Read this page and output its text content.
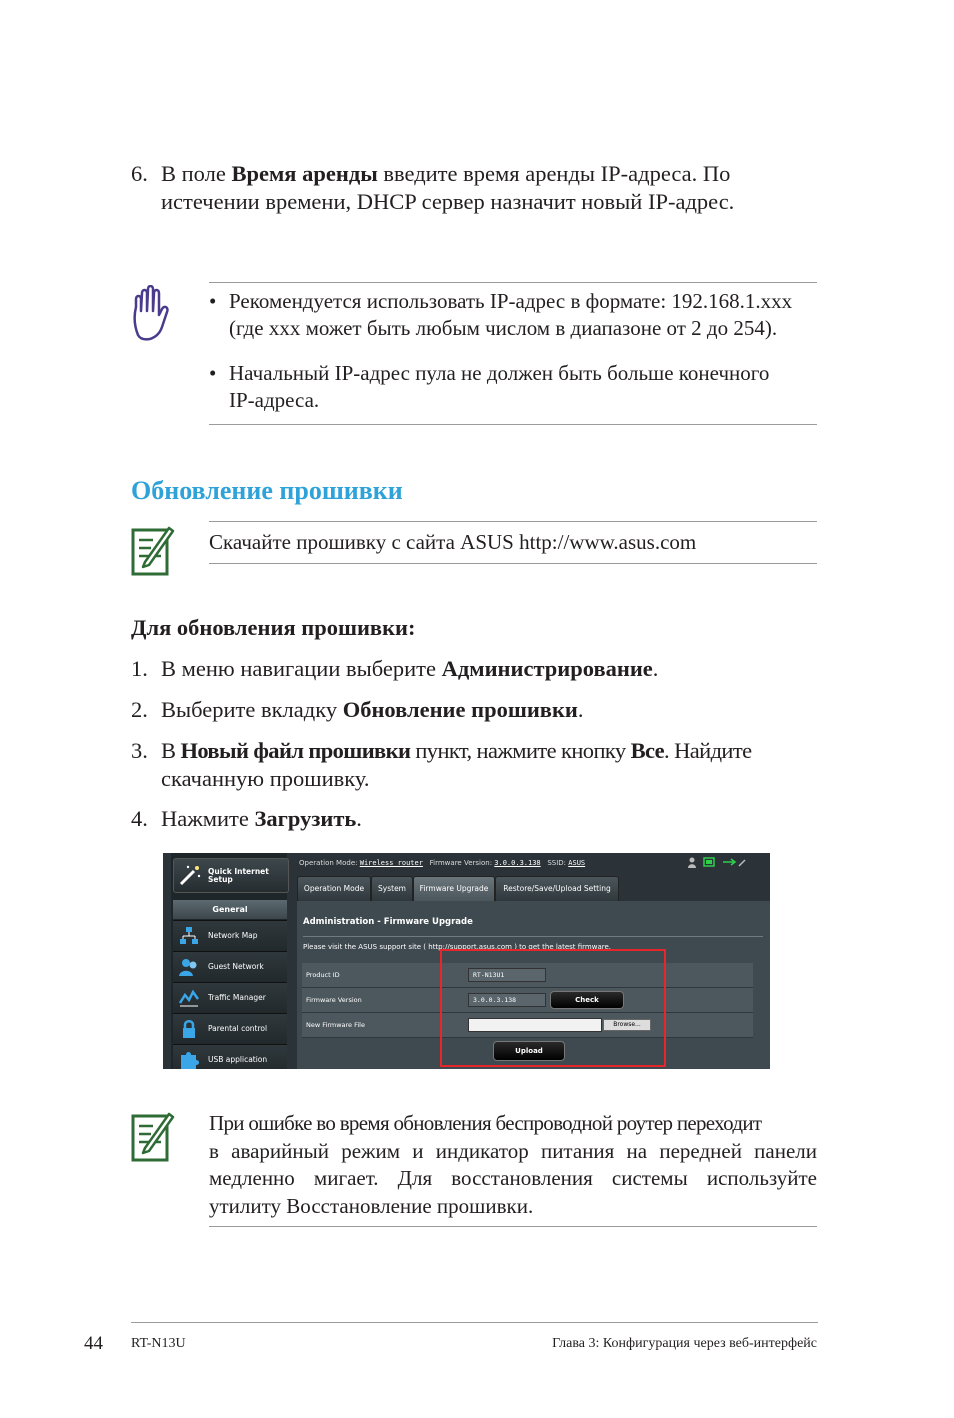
6. В поле Время аренды введите время аренды IP-адреса. По
истечении времени, DHCP сервер назначит новый IP-адрес.
• Рекомендуется использовать IP-адрес в формате: 192.168.1.xxx
(где xxx может быть любым числом в диапазоне от 2 до 254).
• Начальный IP-адрес пула не должен быть больше конечного
IP-адреса.
Обновление прошивки
Скачайте прошивку с сайта ASUS http://www.asus.com
Для обновления прошивки:
1. В меню навигации выберите Администрирование.
2. Выберите вкладку Обновление прошивки.
3. В Новый файл прошивки пункт, нажмите кнопку Все. Найдите
скачанную прошивку.
4. Нажмите Загрузить.
Quick Internet Setup
General
Network Map
Guest Network
Traffic Manager
Parental control
USB application
Operation Mode: Wireless router Firmware Version: 3.0.0.3.138 SSID: ASUS
Operation Mode	System	Firmware Upgrade	Restore/Save/Upload Setting
Administration - Firmware Upgrade
Please visit the ASUS support site ( http://support.asus.com ) to get the latest firmware.
Product ID	RT-N13U1
Firmware Version	3.0.0.3.138	Check
New Firmware File	Browse...
Upload
При ошибке во время обновления беспроводной роутер переходит
в аварийный режим и индикатор питания на передней панели
медленно мигает. Для восстановления системы используйте
утилиту Восстановление прошивки.
44 RT-N13U	Глава 3: Конфигурация через веб-интерфейс
